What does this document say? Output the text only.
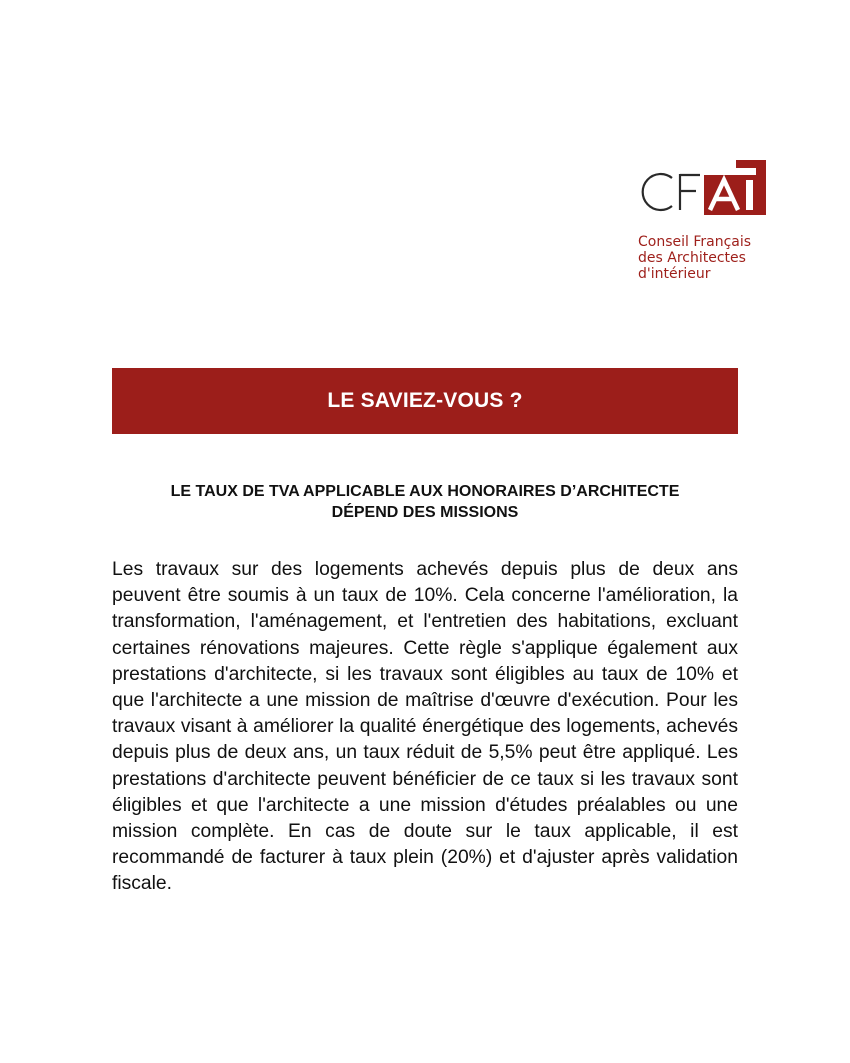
Conseil Français
des Architectes
d'intérieur
LE SAVIEZ-VOUS ?
LE TAUX DE TVA APPLICABLE AUX HONORAIRES D’ARCHITECTE
DÉPEND DES MISSIONS

Les travaux sur des logements achevés depuis plus de deux ans peuvent être soumis à un taux de 10%. Cela concerne l'amélioration, la transformation, l'aménagement, et l'entretien des habitations, excluant certaines rénovations majeures. Cette règle s'applique également aux prestations d'architecte, si les travaux sont éligibles au taux de 10% et que l'architecte a une mission de maîtrise d'œuvre d'exécution. Pour les travaux visant à améliorer la qualité énergétique des logements, achevés depuis plus de deux ans, un taux réduit de 5,5% peut être appliqué. Les prestations d'architecte peuvent bénéficier de ce taux si les travaux sont éligibles et que l'architecte a une mission d'études préalables ou une mission complète. En cas de doute sur le taux applicable, il est recommandé de facturer à taux plein (20%) et d'ajuster après validation fiscale.
